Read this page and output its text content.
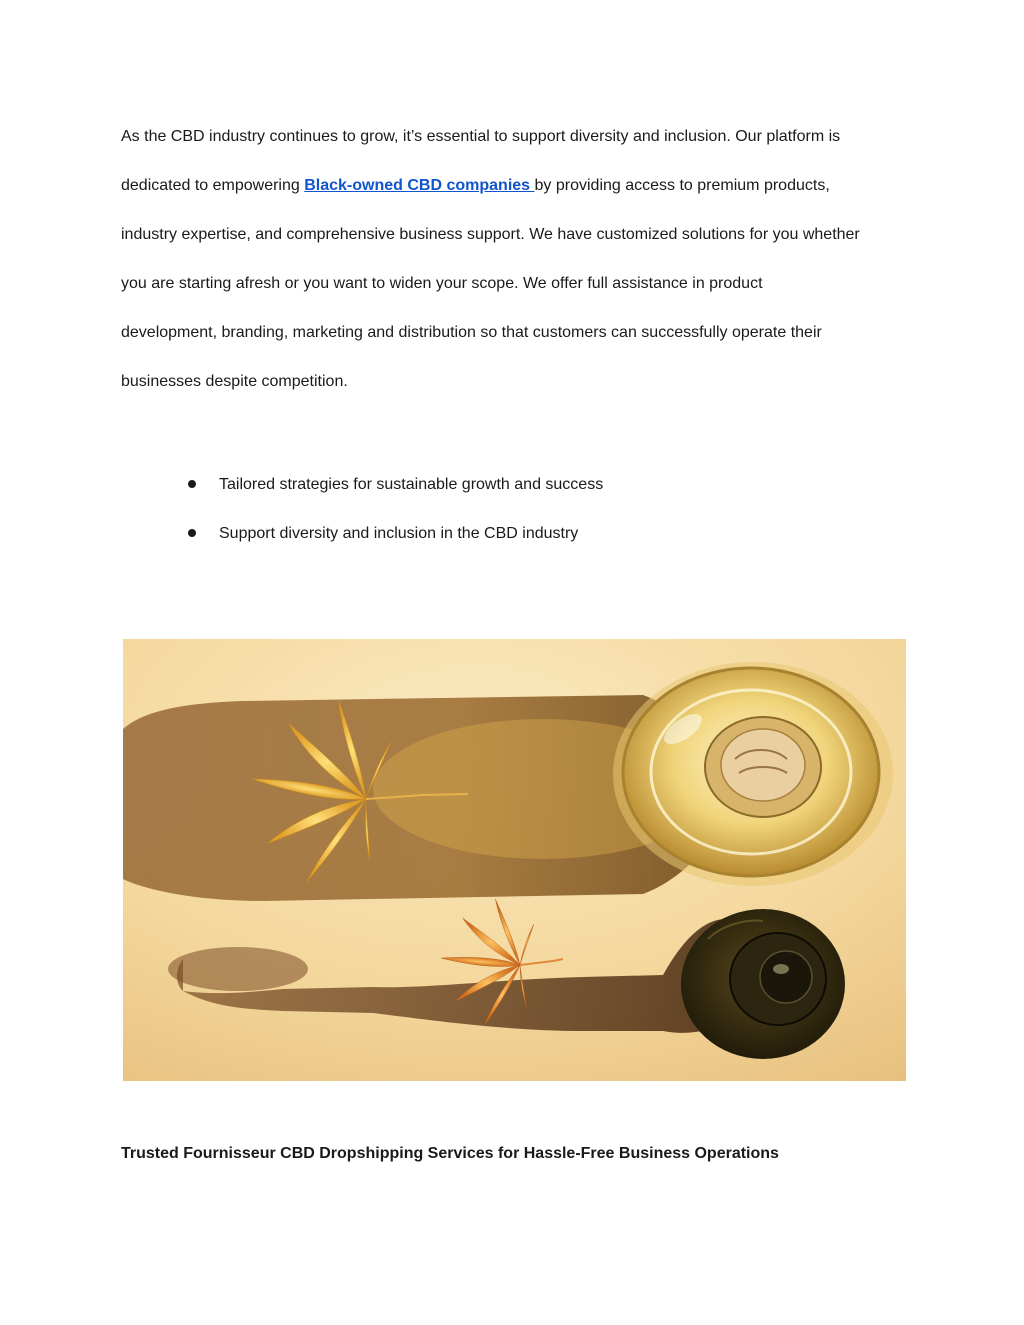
As the CBD industry continues to grow, it’s essential to support diversity and inclusion. Our platform is
dedicated to empowering Black-owned CBD companies by providing access to premium products,
industry expertise, and comprehensive business support. We have customized solutions for you whether
you are starting afresh or you want to widen your scope. We offer full assistance in product
development, branding, marketing and distribution so that customers can successfully operate their
businesses despite competition.

Tailored strategies for sustainable growth and success
Support diversity and inclusion in the CBD industry
Trusted Fournisseur CBD Dropshipping Services for Hassle-Free Business Operations
